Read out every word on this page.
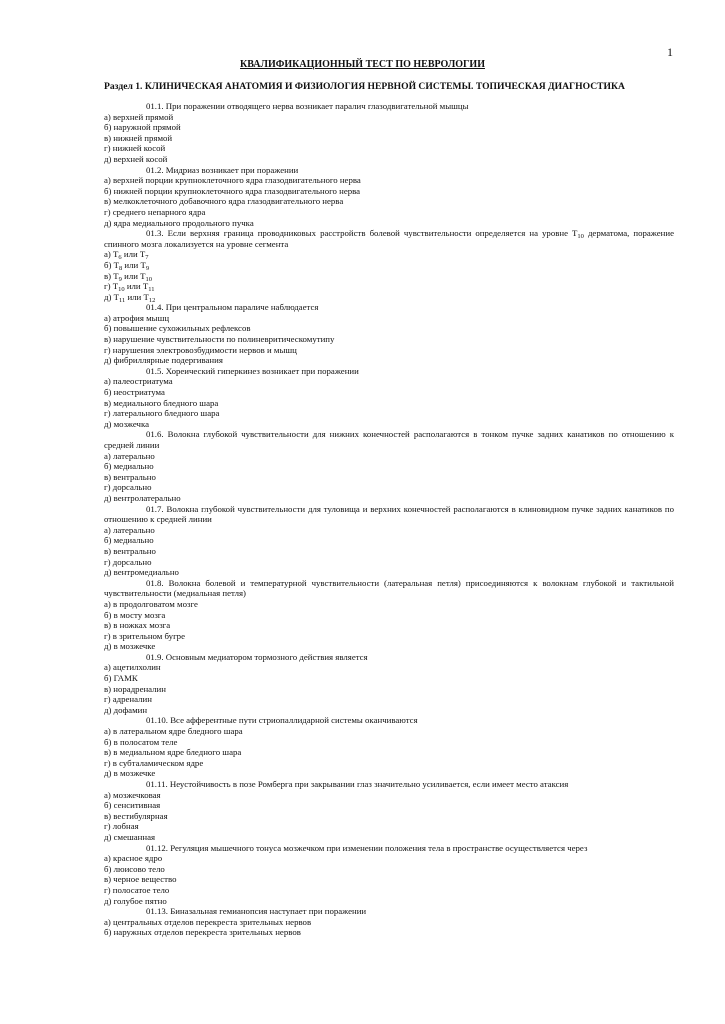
1
КВАЛИФИКАЦИОННЫЙ ТЕСТ ПО НЕВРОЛОГИИ
Раздел 1. КЛИНИЧЕСКАЯ АНАТОМИЯ И ФИЗИОЛОГИЯ НЕРВНОЙ СИСТЕМЫ. ТОПИЧЕСКАЯ ДИАГНОСТИКА
01.1. При поражении отводящего нерва возникает паралич глазодвигательной мышцы
а) верхней прямой
б) наружной прямой
в) нижней прямой
г) нижней косой
д) верхней косой
01.2. Мидриаз возникает при поражении
а) верхней порции крупноклеточного ядра глазодвигательного нерва
б) нижней порции крупноклеточного ядра глазодвигательного нерва
в) мелкоклеточного добавочного ядра глазодвигательного нерва
г) среднего непарного ядра
д) ядра медиального продольного пучка
01.3. Если верхняя граница проводниковых расстройств болевой чувствительности определяется на уровне $Т_{10}$ дерматома, поражение спинного мозга локализуется на уровне сегмента
а) $Т_6$ или $Т_7$
б) $Т_8$ или $Т_9$
в) $Т_9$ или $Т_{10}$
г) $Т_{10}$ или $Т_{11}$
д) $Т_{11}$ или $Т_{12}$
01.4. При центральном параличе наблюдается
а) атрофия мышц
б) повышение сухожильных рефлексов
в) нарушение чувствительности по полиневритическомутипу
г) нарушения электровозбудимости нервов и мышц
д) фибриллярные подергивания
01.5. Хореический гиперкинез возникает при поражении
а) палеостриатума
б) неостриатума
в) медиального бледного шара
г) латерального бледного шара
д) мозжечка
01.6. Волокна глубокой чувствительности для нижних конечностей располагаются в тонком пучке задних канатиков по отношению к средней линии
а) латерально
б) медиально
в) вентрально
г) дорсально
д) вентролатерально
01.7. Волокна глубокой чувствительности для туловища и верхних конечностей располагаются в клиновидном пучке задних канатиков по отношению к средней линии
а) латерально
б) медиально
в) вентрально
г) дорсально
д) вентромедиально
01.8. Волокна болевой и температурной чувствительности (латеральная петля) присоединяются к волокнам глубокой и тактильной чувствительности (медиальная петля)
а) в продолговатом мозге
б) в мосту мозга
в) в ножках мозга
г) в зрительном бугре
д) в мозжечке
01.9. Основным медиатором тормозного действия является
а) ацетилхолин
б) ГАМК
в) норадреналин
г) адреналин
д) дофамин
01.10. Все афферентные пути стриопаллидарной системы оканчиваются
а) в латеральном ядре бледного шара
б) в полосатом теле
в) в медиальном ядре бледного шара
г) в субталамическом ядре
д) в мозжечке
01.11. Неустойчивость в позе Ромберга при закрывании глаз значительно усиливается, если имеет место атаксия
а) мозжечковая
б) сенситивная
в) вестибулярная
г) лобная
д) смешанная
01.12. Регуляция мышечного тонуса мозжечком при изменении положения тела в пространстве осуществляется через
а) красное ядро
б) люисово тело
в) черное вещество
г) полосатое тело
д) голубое пятно
01.13. Биназальная гемианопсия наступает при поражении
а) центральных отделов перекреста зрительных нервов
б) наружных отделов перекреста зрительных нервов
